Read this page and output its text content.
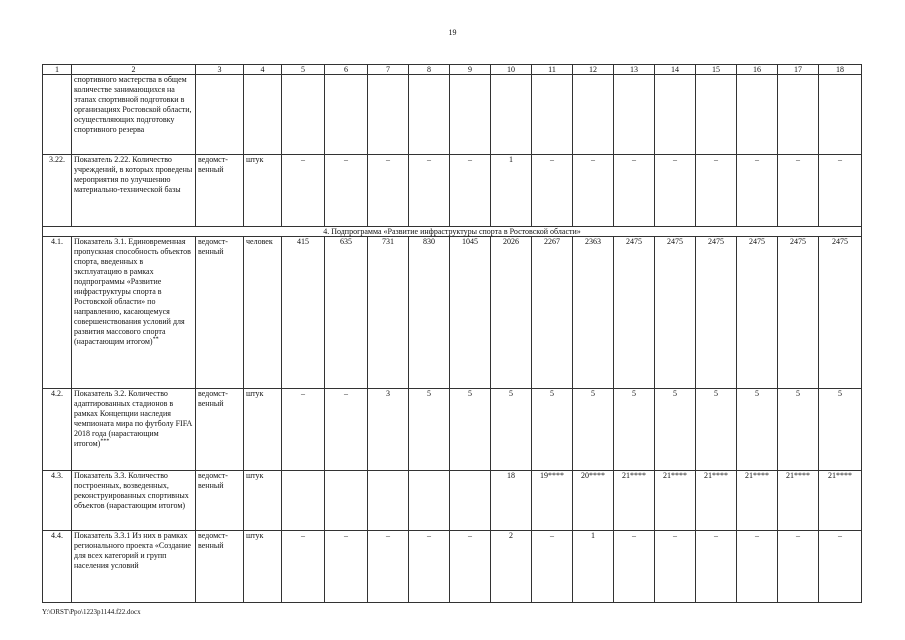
19
1	2	3	4	5	6	7	8	9	10	11	12	13	14	15	16	17	18
	спортивного мастерства в общем количестве занимающихся на этапах спортивной подготовки в организациях Ростовской области, осуществляющих подготовку спортивного резерва																
3.22.	Показатель 2.22. Количество учреждений, в которых проведены мероприятия по улучшению материально-технической базы	ведомст-венный	штук	–	–	–	–	–	1	–	–	–	–	–	–	–	–
4. Подпрограмма «Развитие инфраструктуры спорта в Ростовской области»																	
4.1.	Показатель 3.1. Единовременная пропускная способность объектов спорта, введенных в эксплуатацию в рамках подпрограммы «Развитие инфраструктуры спорта в Ростовской области» по направлению, касающемуся совершенствования условий для развития массового спорта (нарастающим итогом)**	ведомст-венный	человек	415	635	731	830	1045	2026	2267	2363	2475	2475	2475	2475	2475	2475
4.2.	Показатель 3.2. Количество адаптированных стадионов в рамках Концепции наследия чемпионата мира по футболу FIFA 2018 года (нарастающим итогом)***	ведомст-венный	штук	–	–	3	5	5	5	5	5	5	5	5	5	5	5
4.3.	Показатель 3.3. Количество построенных, возведенных, реконструированных спортивных объектов (нарастающим итогом)	ведомст-венный	штук						18	19****	20****	21****	21****	21****	21****	21****	21****
4.4.	Показатель 3.3.1 Из них в рамках регионального проекта «Создание для всех категорий и групп населения условий	ведомст-венный	штук	–	–	–	–	–	2	–	1	–	–	–	–	–	–
Y:\ORST\Ppo\1223p1144.f22.docx
